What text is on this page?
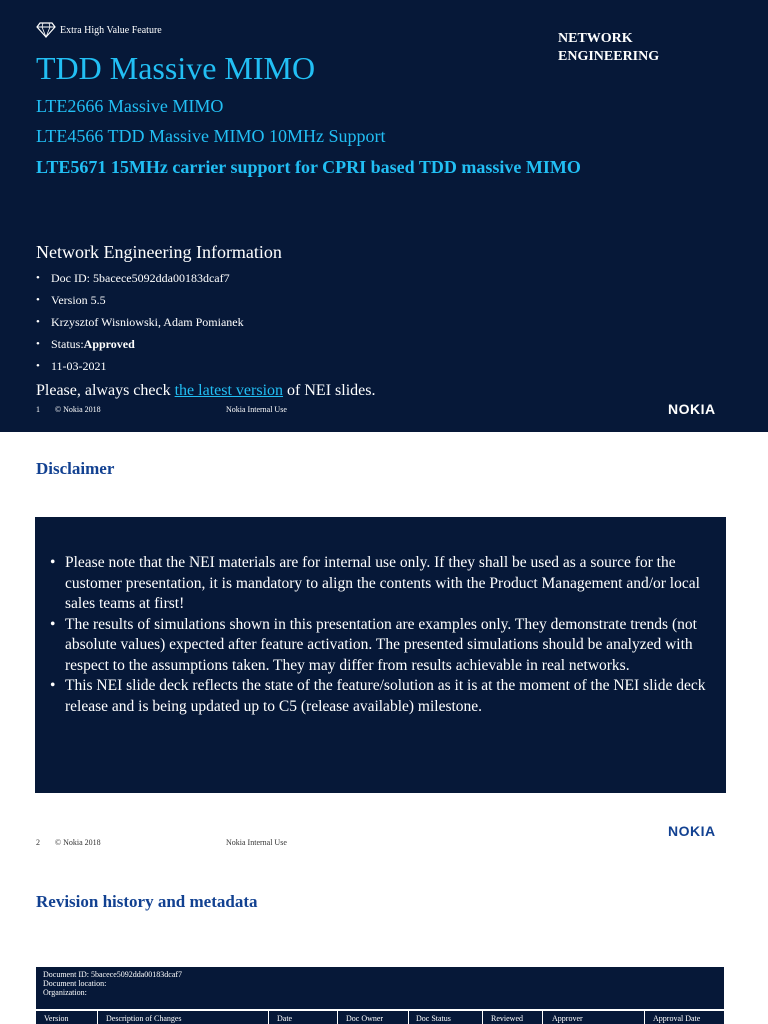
Extra High Value Feature
NETWORK
ENGINEERING
TDD Massive MIMO
LTE2666 Massive MIMO
LTE4566 TDD Massive MIMO 10MHz Support
LTE5671 15MHz carrier support for CPRI based TDD massive MIMO
Network Engineering Information
• Doc ID: 5bacece5092dda00183dcaf7
• Version 5.5
• Krzysztof Wisniowski, Adam Pomianek
• Status: Approved
• 11-03-2021
Please, always check the latest version of NEI slides.
1 © Nokia 2018	Nokia Internal Use	NOKIA
Disclaimer
• Please note that the NEI materials are for internal use only. If they shall be used as a source for the customer presentation, it is mandatory to align the contents with the Product Management and/or local sales teams at first!
• The results of simulations shown in this presentation are examples only. They demonstrate trends (not absolute values) expected after feature activation. The presented simulations should be analyzed with respect to the assumptions taken. They may differ from results achievable in real networks.
• This NEI slide deck reflects the state of the feature/solution as it is at the moment of the NEI slide deck release and is being updated up to C5 (release available) milestone.
2 © Nokia 2018	Nokia Internal Use
NOKIA
Revision history and metadata
Document ID: 5bacece5092dda00183dcaf7
Document location:
Organization:
Version	Description of Changes	Date	Doc Owner	Doc Status	Reviewed	Approver	Approval Date
